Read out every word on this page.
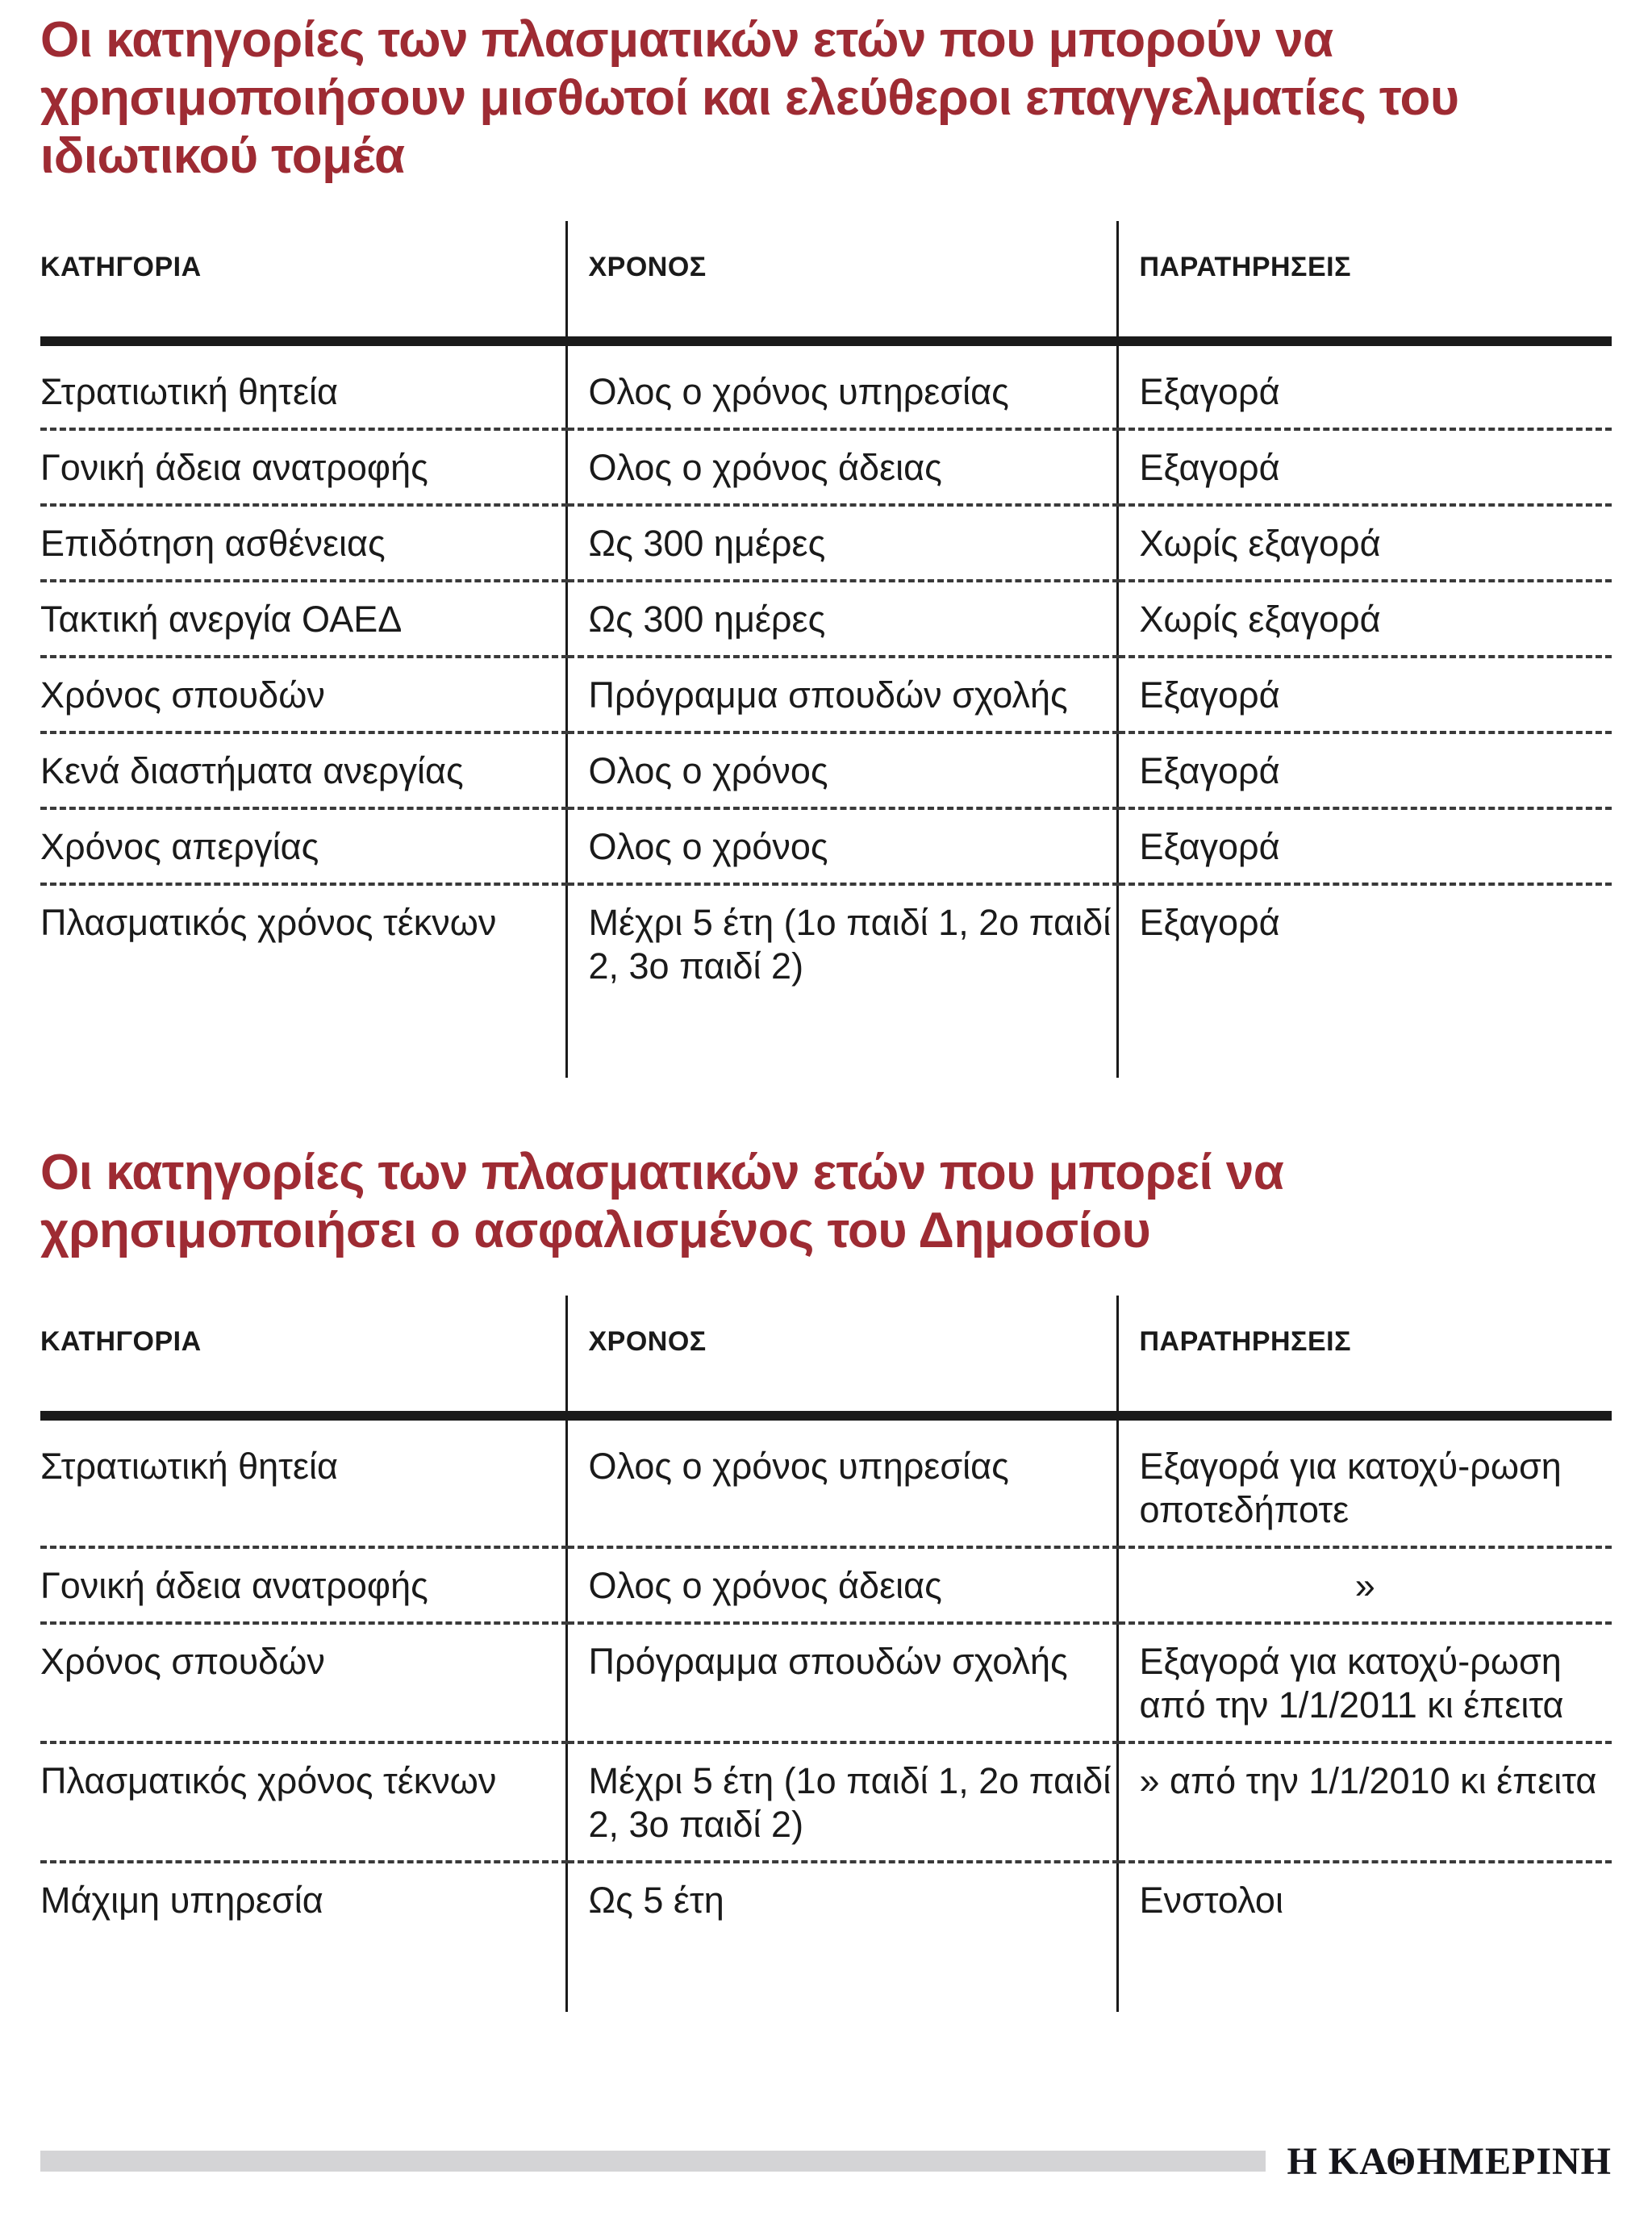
Οι κατηγορίες των πλασματικών ετών που μπορούν να χρησιμοποιήσουν μισθωτοί και ελεύθεροι επαγγελματίες του ιδιωτικού τομέα
ΚΑΤΗΓΟΡΙΑ	ΧΡΟΝΟΣ	ΠΑΡΑΤΗΡΗΣΕΙΣ
Στρατιωτική θητεία	Ολος ο χρόνος υπηρεσίας	Εξαγορά

Γονική άδεια ανατροφής	Ολος ο χρόνος άδειας	Εξαγορά

Επιδότηση ασθένειας	Ως 300 ημέρες	Χωρίς εξαγορά

Τακτική ανεργία ΟΑΕΔ	Ως 300 ημέρες	Χωρίς εξαγορά

Χρόνος σπουδών	Πρόγραμμα σπουδών σχολής	Εξαγορά

Κενά διαστήματα ανεργίας	Ολος ο χρόνος	Εξαγορά

Χρόνος απεργίας	Ολος ο χρόνος	Εξαγορά

Πλασματικός χρόνος τέκνων	Μέχρι 5 έτη (1ο παιδί 1, 2ο παιδί 2, 3ο παιδί 2)	Εξαγορά

Οι κατηγορίες των πλασματικών ετών που μπορεί να χρησιμοποιήσει ο ασφαλισμένος του Δημοσίου
ΚΑΤΗΓΟΡΙΑ	ΧΡΟΝΟΣ	ΠΑΡΑΤΗΡΗΣΕΙΣ
Στρατιωτική θητεία	Ολος ο χρόνος υπηρεσίας	Εξαγορά για κατοχύ-ρωση οποτεδήποτε

Γονική άδεια ανατροφής	Ολος ο χρόνος άδειας	»

Χρόνος σπουδών	Πρόγραμμα σπουδών σχολής	Εξαγορά για κατοχύ-ρωση από την 1/1/2011 κι έπειτα

Πλασματικός χρόνος τέκνων	Μέχρι 5 έτη (1ο παιδί 1, 2ο παιδί 2, 3ο παιδί 2)	» από την 1/1/2010 κι έπειτα

Μάχιμη υπηρεσία	Ως 5 έτη	Ενστολοι

Η ΚΑΘΗΜΕΡΙΝΗ
